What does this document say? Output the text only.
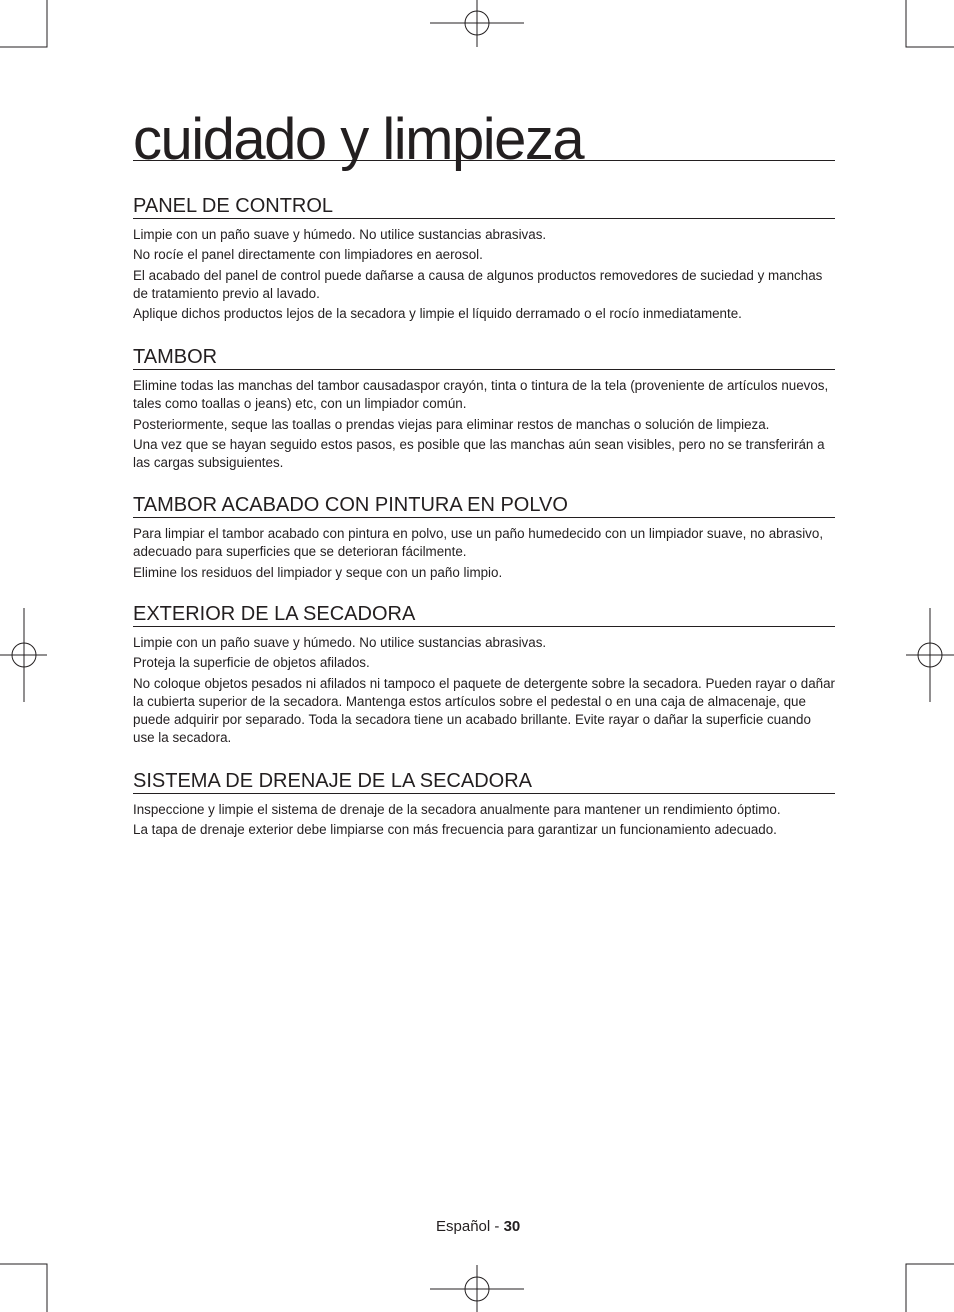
cuidado y limpieza
PANEL DE CONTROL

Limpie con un paño suave y húmedo. No utilice sustancias abrasivas.

No rocíe el panel directamente con limpiadores en aerosol.

El acabado del panel de control puede dañarse a causa de algunos productos removedores de suciedad y manchas de tratamiento previo al lavado.

Aplique dichos productos lejos de la secadora y limpie el líquido derramado o el rocío inmediatamente.

TAMBOR

Elimine todas las manchas del tambor causadaspor crayón, tinta o tintura de la tela (proveniente de artículos nuevos, tales como toallas o jeans) etc, con un limpiador común.

Posteriormente, seque las toallas o prendas viejas para eliminar restos de manchas o solución de limpieza.

Una vez que se hayan seguido estos pasos, es posible que las manchas aún sean visibles, pero no se transferirán a las cargas subsiguientes.

TAMBOR ACABADO CON PINTURA EN POLVO

Para limpiar el tambor acabado con pintura en polvo, use un paño humedecido con un limpiador suave, no abrasivo, adecuado para superficies que se deterioran fácilmente.

Elimine los residuos del limpiador y seque con un paño limpio.

EXTERIOR DE LA SECADORA

Limpie con un paño suave y húmedo. No utilice sustancias abrasivas.

Proteja la superficie de objetos afilados.

No coloque objetos pesados ni afilados ni tampoco el paquete de detergente sobre la secadora. Pueden rayar o dañar la cubierta superior de la secadora. Mantenga estos artículos sobre el pedestal o en una caja de almacenaje, que puede adquirir por separado. Toda la secadora tiene un acabado brillante. Evite rayar o dañar la superficie cuando use la secadora.

SISTEMA DE DRENAJE DE LA SECADORA

Inspeccione y limpie el sistema de drenaje de la secadora anualmente para mantener un rendimiento óptimo.

La tapa de drenaje exterior debe limpiarse con más frecuencia para garantizar un funcionamiento adecuado.

Español - 30
